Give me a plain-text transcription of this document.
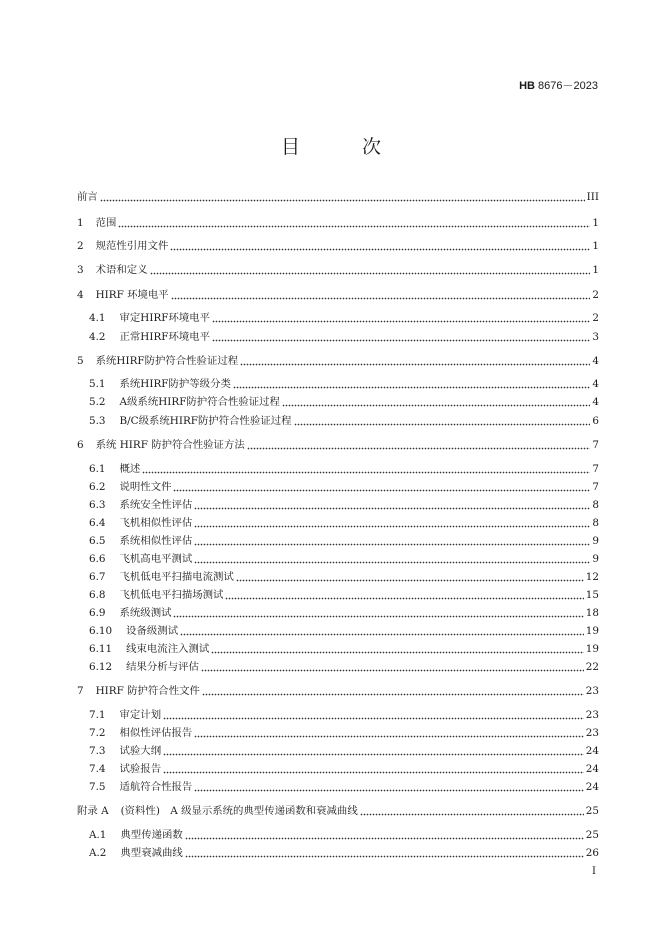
HB 8676－2023
目 次
前言	III
1 范围	1
2 规范性引用文件	1
3 术语和定义	1
4 HIRF 环境电平	2
4.1 审定HIRF环境电平	2
4.2 正常HIRF环境电平	3
5 系统HIRF防护符合性验证过程	4
5.1 系统HIRF防护等级分类	4
5.2 A级系统HIRF防护符合性验证过程	4
5.3 B/C级系统HIRF防护符合性验证过程	6
6 系统 HIRF 防护符合性验证方法	7
6.1 概述	7
6.2 说明性文件	7
6.3 系统安全性评估	8
6.4 飞机相似性评估	8
6.5 系统相似性评估	9
6.6 飞机高电平测试	9
6.7 飞机低电平扫描电流测试	12
6.8 飞机低电平扫描场测试	15
6.9 系统级测试	18
6.10 设备级测试	19
6.11 线束电流注入测试	19
6.12 结果分析与评估	22
7 HIRF 防护符合性文件	23
7.1 审定计划	23
7.2 相似性评估报告	23
7.3 试验大纲	24
7.4 试验报告	24
7.5 适航符合性报告	24
附录 A (资料性)　A 级显示系统的典型传递函数和衰减曲线	25
A.1 典型传递函数	25
A.2 典型衰减曲线	26
I
